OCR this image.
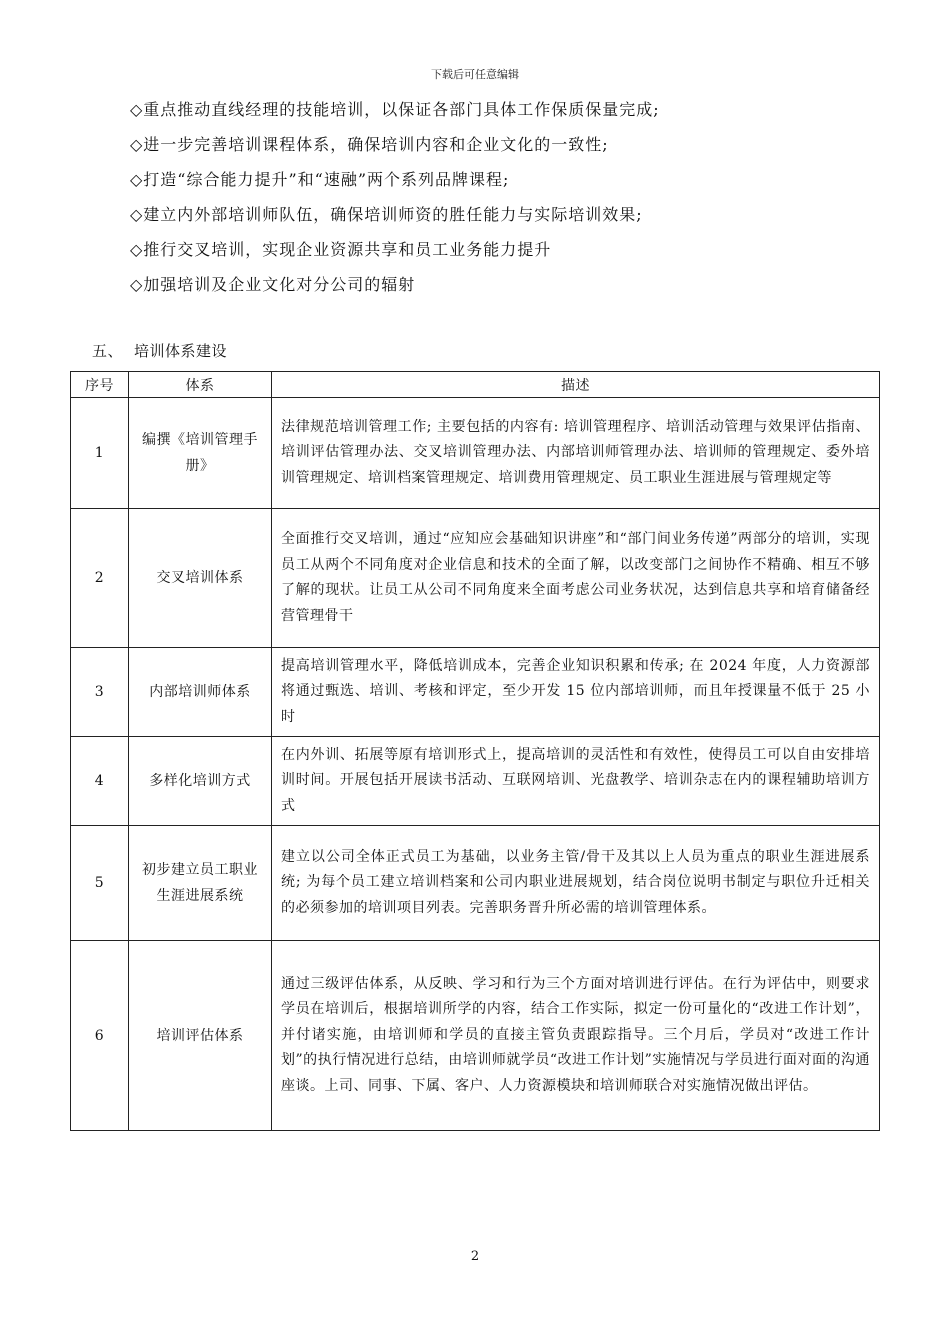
下载后可任意编辑
◇重点推动直线经理的技能培训，以保证各部门具体工作保质保量完成;
◇进一步完善培训课程体系，确保培训内容和企业文化的一致性;
◇打造“综合能力提升”和“速融”两个系列品牌课程;
◇建立内外部培训师队伍，确保培训师资的胜任能力与实际培训效果;
◇推行交叉培训，实现企业资源共享和员工业务能力提升
◇加强培训及企业文化对分公司的辐射
五、 培训体系建设
序号	体系	描述
1	编撰《培训管理手册》	法律规范培训管理工作; 主要包括的内容有: 培训管理程序、培训活动管理与效果评估指南、培训评估管理办法、交叉培训管理办法、内部培训师管理办法、培训师的管理规定、委外培训管理规定、培训档案管理规定、培训费用管理规定、员工职业生涯进展与管理规定等
2	交叉培训体系	全面推行交叉培训，通过“应知应会基础知识讲座”和“部门间业务传递”两部分的培训，实现员工从两个不同角度对企业信息和技术的全面了解，以改变部门之间协作不精确、相互不够了解的现状。让员工从公司不同角度来全面考虑公司业务状况，达到信息共享和培育储备经营管理骨干
3	内部培训师体系	提高培训管理水平，降低培训成本，完善企业知识积累和传承; 在 2024 年度，人力资源部将通过甄选、培训、考核和评定，至少开发 15 位内部培训师，而且年授课量不低于 25 小时
4	多样化培训方式	在内外训、拓展等原有培训形式上，提高培训的灵活性和有效性，使得员工可以自由安排培训时间。开展包括开展读书活动、互联网培训、光盘教学、培训杂志在内的课程辅助培训方式
5	初步建立员工职业生涯进展系统	建立以公司全体正式员工为基础，以业务主管/骨干及其以上人员为重点的职业生涯进展系统; 为每个员工建立培训档案和公司内职业进展规划，结合岗位说明书制定与职位升迁相关的必须参加的培训项目列表。完善职务晋升所必需的培训管理体系。
6	培训评估体系	通过三级评估体系，从反映、学习和行为三个方面对培训进行评估。在行为评估中，则要求学员在培训后，根据培训所学的内容，结合工作实际，拟定一份可量化的“改进工作计划”，并付诸实施，由培训师和学员的直接主管负责跟踪指导。三个月后，学员对“改进工作计划”的执行情况进行总结，由培训师就学员“改进工作计划”实施情况与学员进行面对面的沟通座谈。上司、同事、下属、客户、人力资源模块和培训师联合对实施情况做出评估。
2
